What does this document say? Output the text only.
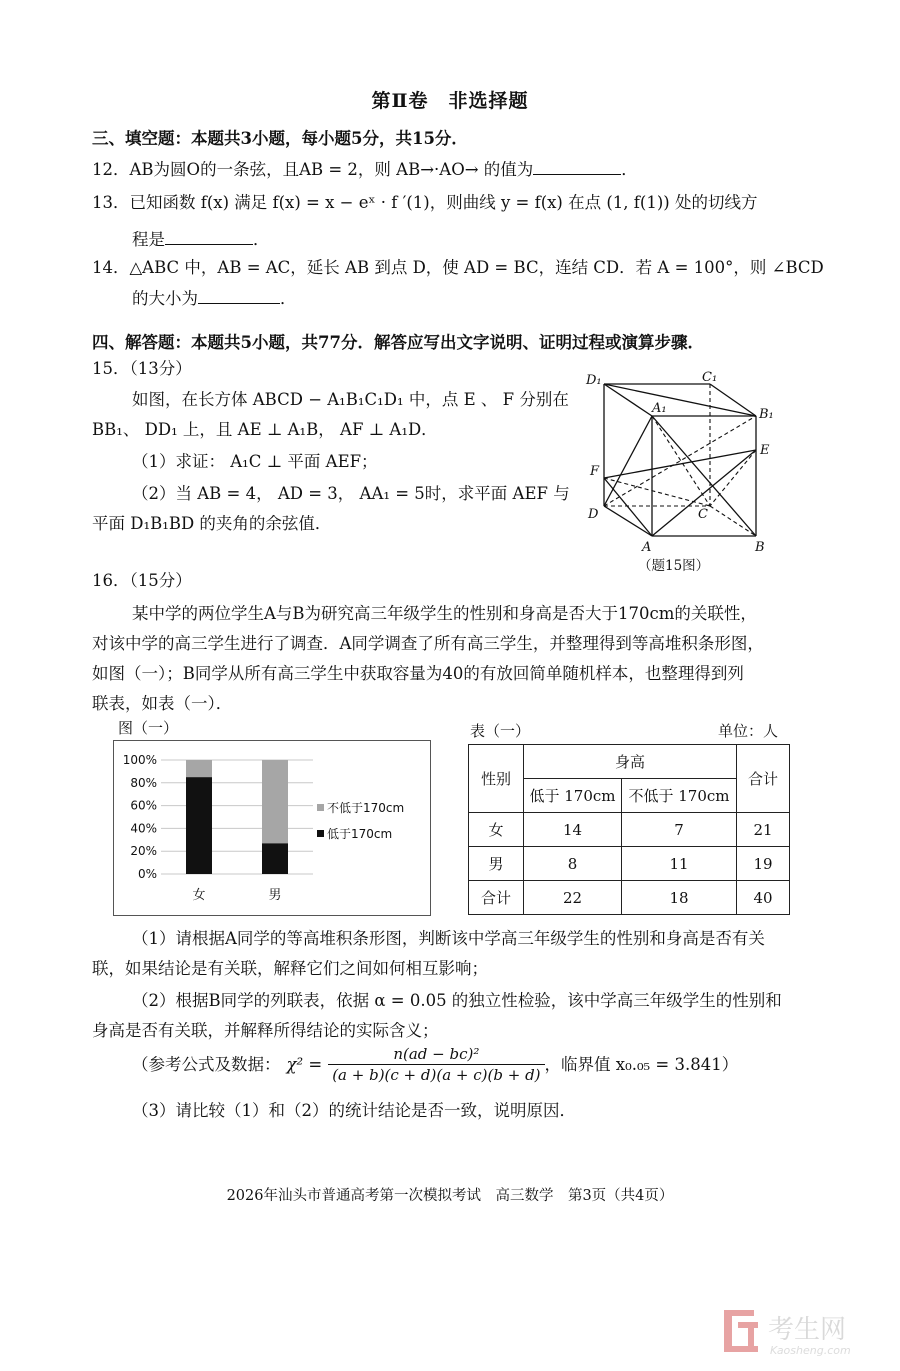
第Ⅱ卷　非选择题
三、填空题：本题共3小题，每小题5分，共15分．
12．AB为圆O的一条弦，且AB = 2，则 AB→·AO→ 的值为	．
13．已知函数 f(x) 满足 f(x) = x − eˣ · f ′(1)，则曲线 y = f(x) 在点 (1, f(1)) 处的切线方
程是	．
14．△ABC 中，AB = AC，延长 AB 到点 D，使 AD = BC，连结 CD．若 A = 100°，则 ∠BCD
的大小为	．
四、解答题：本题共5小题，共77分．解答应写出文字说明、证明过程或演算步骤．
15．（13分）
如图，在长方体 ABCD − A₁B₁C₁D₁ 中，点 E 、 F 分别在
BB₁、 DD₁ 上，且 AE ⊥ A₁B， AF ⊥ A₁D．
（1）求证： A₁C ⊥ 平面 AEF；
（2）当 AB = 4， AD = 3， AA₁ = 5时，求平面 AEF 与
平面 D₁B₁BD 的夹角的余弦值．
D₁	C₁
A₁	B₁
E
F
C
D
A	B
（题15图）
16．（15分）
某中学的两位学生A与B为研究高三年级学生的性别和身高是否大于170cm的关联性，
对该中学的高三学生进行了调查．A同学调查了所有高三学生，并整理得到等高堆积条形图，
如图（一）；B同学从所有高三学生中获取容量为40的有放回简单随机样本，也整理得到列
联表，如表（一）．
图（一）
0%
20%
40%
60%
80%
100%
女	男
不低于170cm
低于170cm
表（一）	单位：人
性别	身高		合计
	低于 170cm	不低于 170cm	
女	14	7	21
男	8	11	19
合计	22	18	40
（1）请根据A同学的等高堆积条形图，判断该中学高三年级学生的性别和身高是否有关
联，如果结论是有关联，解释它们之间如何相互影响；
（2）根据B同学的列联表，依据 α = 0.05 的独立性检验，该中学高三年级学生的性别和
身高是否有关联，并解释所得结论的实际含义；
（参考公式及数据： $\chi^2 = \frac{\text{n(ad − bc)²}}{(a + b)(c + d)(a + c)(b + d)}$ ，临界值 x₀.₀₅ = 3.841）
（3）请比较（1）和（2）的统计结论是否一致，说明原因．
2026年汕头市普通高考第一次模拟考试　高三数学　第3页（共4页）
考生网
Kaosheng.com
